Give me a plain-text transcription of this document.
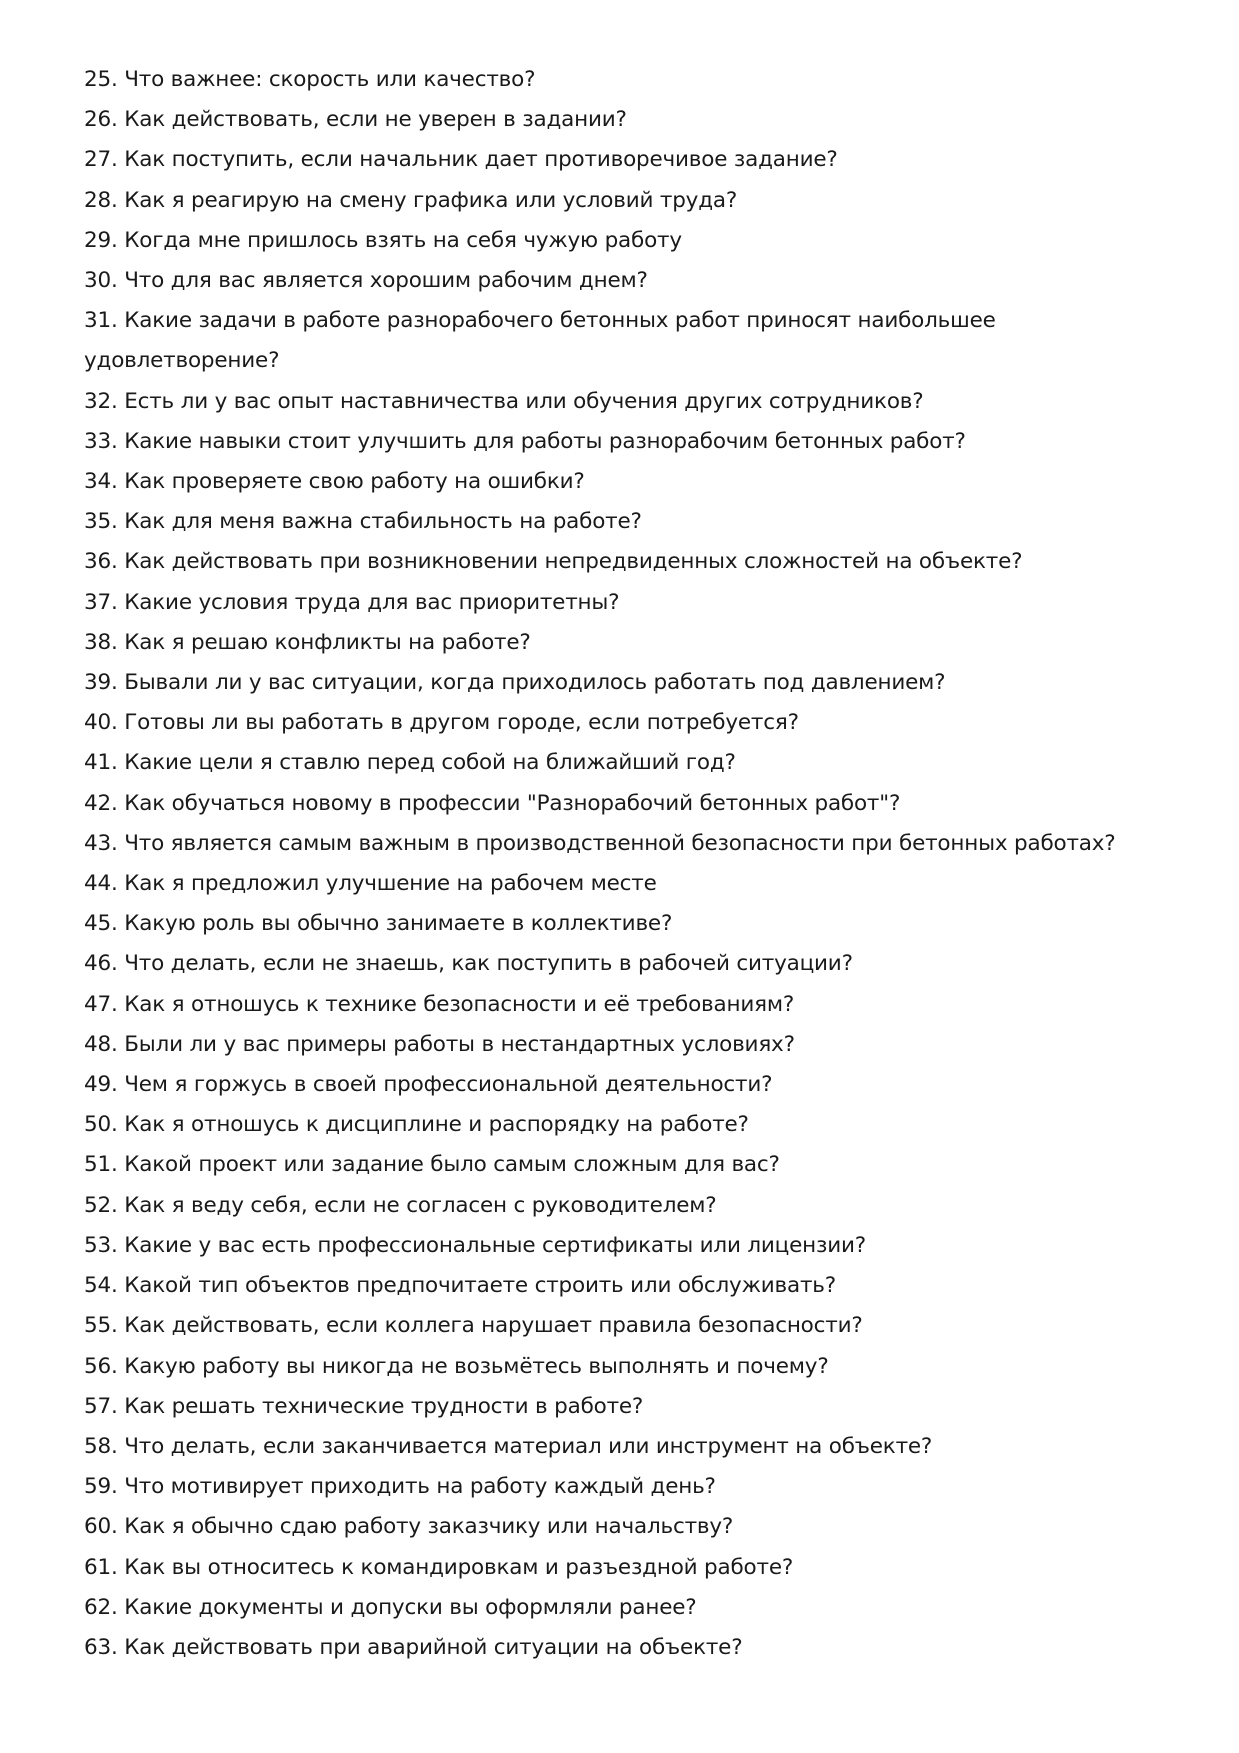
25. Что важнее: скорость или качество?
26. Как действовать, если не уверен в задании?
27. Как поступить, если начальник дает противоречивое задание?
28. Как я реагирую на смену графика или условий труда?
29. Когда мне пришлось взять на себя чужую работу
30. Что для вас является хорошим рабочим днем?
31. Какие задачи в работе разнорабочего бетонных работ приносят наибольшее удовлетворение?
32. Есть ли у вас опыт наставничества или обучения других сотрудников?
33. Какие навыки стоит улучшить для работы разнорабочим бетонных работ?
34. Как проверяете свою работу на ошибки?
35. Как для меня важна стабильность на работе?
36. Как действовать при возникновении непредвиденных сложностей на объекте?
37. Какие условия труда для вас приоритетны?
38. Как я решаю конфликты на работе?
39. Бывали ли у вас ситуации, когда приходилось работать под давлением?
40. Готовы ли вы работать в другом городе, если потребуется?
41. Какие цели я ставлю перед собой на ближайший год?
42. Как обучаться новому в профессии "Разнорабочий бетонных работ"?
43. Что является самым важным в производственной безопасности при бетонных работах?
44. Как я предложил улучшение на рабочем месте
45. Какую роль вы обычно занимаете в коллективе?
46. Что делать, если не знаешь, как поступить в рабочей ситуации?
47. Как я отношусь к технике безопасности и её требованиям?
48. Были ли у вас примеры работы в нестандартных условиях?
49. Чем я горжусь в своей профессиональной деятельности?
50. Как я отношусь к дисциплине и распорядку на работе?
51. Какой проект или задание было самым сложным для вас?
52. Как я веду себя, если не согласен с руководителем?
53. Какие у вас есть профессиональные сертификаты или лицензии?
54. Какой тип объектов предпочитаете строить или обслуживать?
55. Как действовать, если коллега нарушает правила безопасности?
56. Какую работу вы никогда не возьмётесь выполнять и почему?
57. Как решать технические трудности в работе?
58. Что делать, если заканчивается материал или инструмент на объекте?
59. Что мотивирует приходить на работу каждый день?
60. Как я обычно сдаю работу заказчику или начальству?
61. Как вы относитесь к командировкам и разъездной работе?
62. Какие документы и допуски вы оформляли ранее?
63. Как действовать при аварийной ситуации на объекте?
